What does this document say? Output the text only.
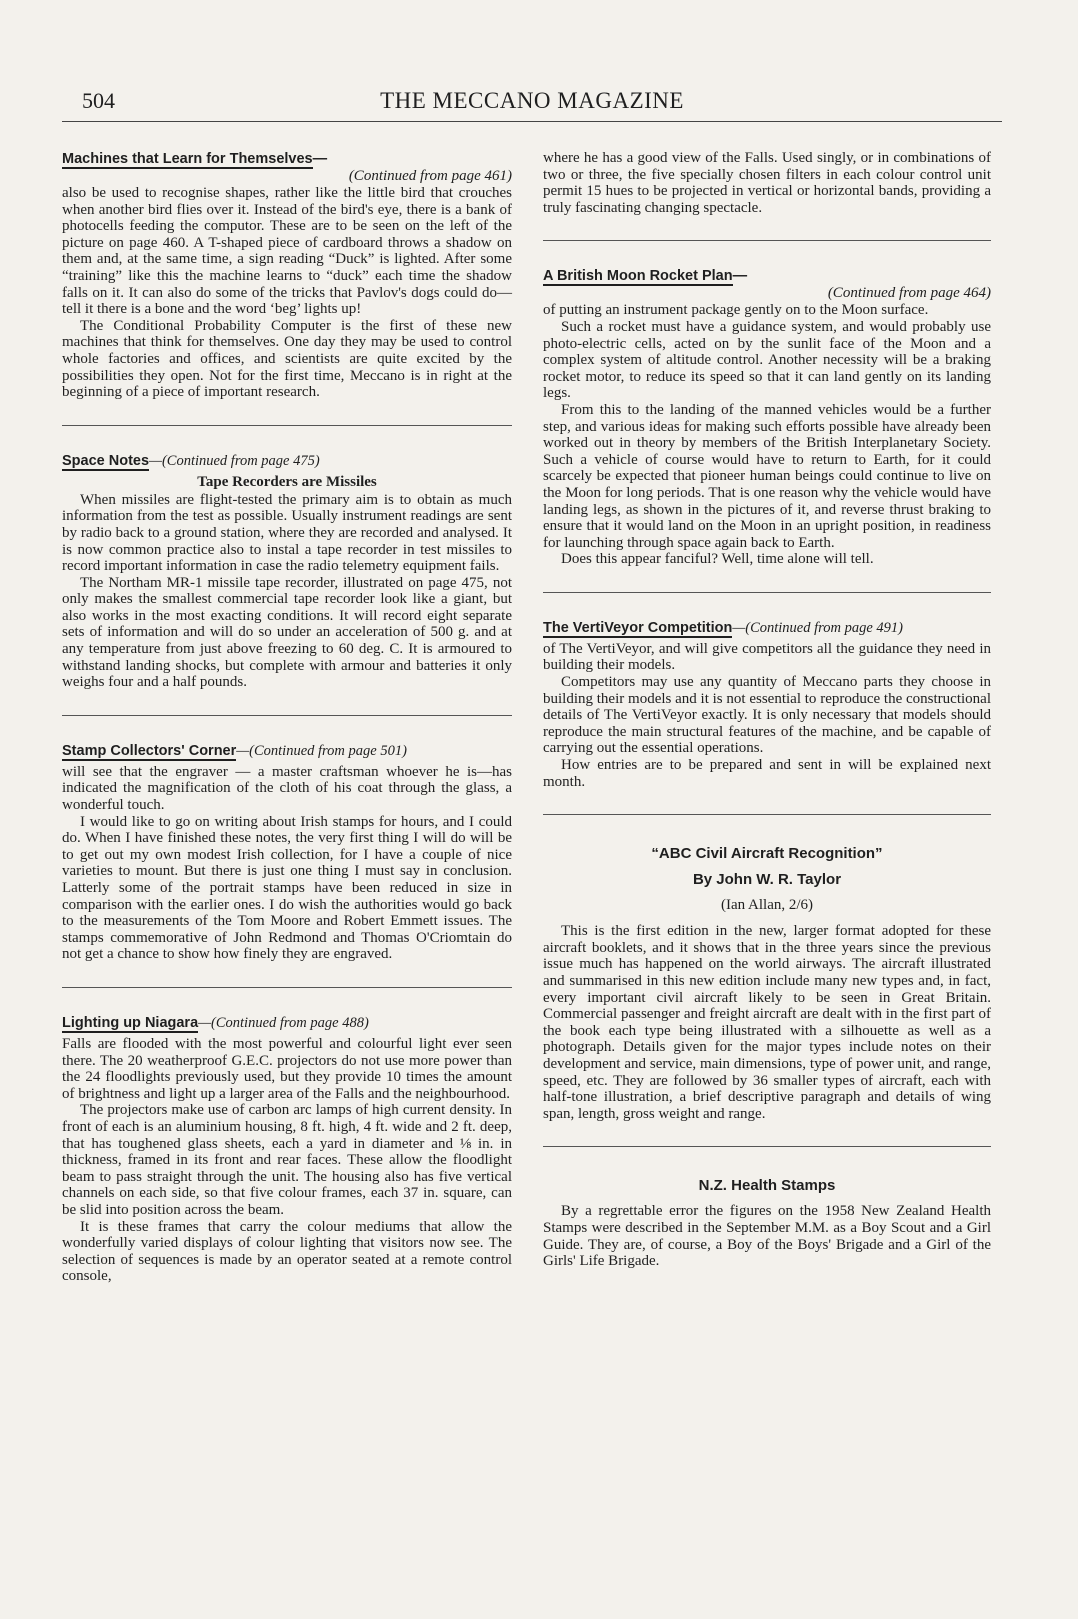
504	THE MECCANO MAGAZINE
Machines that Learn for Themselves—
(Continued from page 461)

also be used to recognise shapes, rather like the little bird that crouches when another bird flies over it. Instead of the bird's eye, there is a bank of photocells feeding the computor. These are to be seen on the left of the picture on page 460. A T-shaped piece of cardboard throws a shadow on them and, at the same time, a sign reading “Duck” is lighted. After some “training” like this the machine learns to “duck” each time the shadow falls on it. It can also do some of the tricks that Pavlov's dogs could do—tell it there is a bone and the word ‘beg’ lights up!

The Conditional Probability Computer is the first of these new machines that think for themselves. One day they may be used to control whole factories and offices, and scientists are quite excited by the possibilities they open. Not for the first time, Meccano is in right at the beginning of a piece of important research.

Space Notes—(Continued from page 475)
Tape Recorders are Missiles

When missiles are flight-tested the primary aim is to obtain as much information from the test as possible. Usually instrument readings are sent by radio back to a ground station, where they are recorded and analysed. It is now common practice also to instal a tape recorder in test missiles to record important information in case the radio telemetry equipment fails.

The Northam MR-1 missile tape recorder, illustrated on page 475, not only makes the smallest commercial tape recorder look like a giant, but also works in the most exacting conditions. It will record eight separate sets of information and will do so under an acceleration of 500 g. and at any temperature from just above freezing to 60 deg. C. It is armoured to withstand landing shocks, but complete with armour and batteries it only weighs four and a half pounds.

Stamp Collectors' Corner—(Continued from page 501)

will see that the engraver — a master craftsman whoever he is—has indicated the magnification of the cloth of his coat through the glass, a wonderful touch.

I would like to go on writing about Irish stamps for hours, and I could do. When I have finished these notes, the very first thing I will do will be to get out my own modest Irish collection, for I have a couple of nice varieties to mount. But there is just one thing I must say in conclusion. Latterly some of the portrait stamps have been reduced in size in comparison with the earlier ones. I do wish the authorities would go back to the measurements of the Tom Moore and Robert Emmett issues. The stamps commemorative of John Redmond and Thomas O'Criomtain do not get a chance to show how finely they are engraved.

Lighting up Niagara—(Continued from page 488)

Falls are flooded with the most powerful and colourful light ever seen there. The 20 weatherproof G.E.C. projectors do not use more power than the 24 floodlights previously used, but they provide 10 times the amount of brightness and light up a larger area of the Falls and the neighbourhood.

The projectors make use of carbon arc lamps of high current density. In front of each is an aluminium housing, 8 ft. high, 4 ft. wide and 2 ft. deep, that has toughened glass sheets, each a yard in diameter and ⅛ in. in thickness, framed in its front and rear faces. These allow the floodlight beam to pass straight through the unit. The housing also has five vertical channels on each side, so that five colour frames, each 37 in. square, can be slid into position across the beam.

It is these frames that carry the colour mediums that allow the wonderfully varied displays of colour lighting that visitors now see. The selection of sequences is made by an operator seated at a remote control console,

where he has a good view of the Falls. Used singly, or in combinations of two or three, the five specially chosen filters in each colour control unit permit 15 hues to be projected in vertical or horizontal bands, providing a truly fascinating changing spectacle.

A British Moon Rocket Plan—
(Continued from page 464)

of putting an instrument package gently on to the Moon surface.

Such a rocket must have a guidance system, and would probably use photo-electric cells, acted on by the sunlit face of the Moon and a complex system of altitude control. Another necessity will be a braking rocket motor, to reduce its speed so that it can land gently on its landing legs.

From this to the landing of the manned vehicles would be a further step, and various ideas for making such efforts possible have already been worked out in theory by members of the British Interplanetary Society. Such a vehicle of course would have to return to Earth, for it could scarcely be expected that pioneer human beings could continue to live on the Moon for long periods. That is one reason why the vehicle would have landing legs, as shown in the pictures of it, and reverse thrust braking to ensure that it would land on the Moon in an upright position, in readiness for launching through space again back to Earth.

Does this appear fanciful? Well, time alone will tell.

The VertiVeyor Competition—(Continued from page 491)

of The VertiVeyor, and will give competitors all the guidance they need in building their models.

Competitors may use any quantity of Meccano parts they choose in building their models and it is not essential to reproduce the constructional details of The VertiVeyor exactly. It is only necessary that models should reproduce the main structural features of the machine, and be capable of carrying out the essential operations.

How entries are to be prepared and sent in will be explained next month.

“ABC Civil Aircraft Recognition”
By John W. R. Taylor
(Ian Allan, 2/6)

This is the first edition in the new, larger format adopted for these aircraft booklets, and it shows that in the three years since the previous issue much has happened on the world airways. The aircraft illustrated and summarised in this new edition include many new types and, in fact, every important civil aircraft likely to be seen in Great Britain. Commercial passenger and freight aircraft are dealt with in the first part of the book each type being illustrated with a silhouette as well as a photograph. Details given for the major types include notes on their development and service, main dimensions, type of power unit, and range, speed, etc. They are followed by 36 smaller types of aircraft, each with half-tone illustration, a brief descriptive paragraph and details of wing span, length, gross weight and range.

N.Z. Health Stamps

By a regrettable error the figures on the 1958 New Zealand Health Stamps were described in the September M.M. as a Boy Scout and a Girl Guide. They are, of course, a Boy of the Boys' Brigade and a Girl of the Girls' Life Brigade.
